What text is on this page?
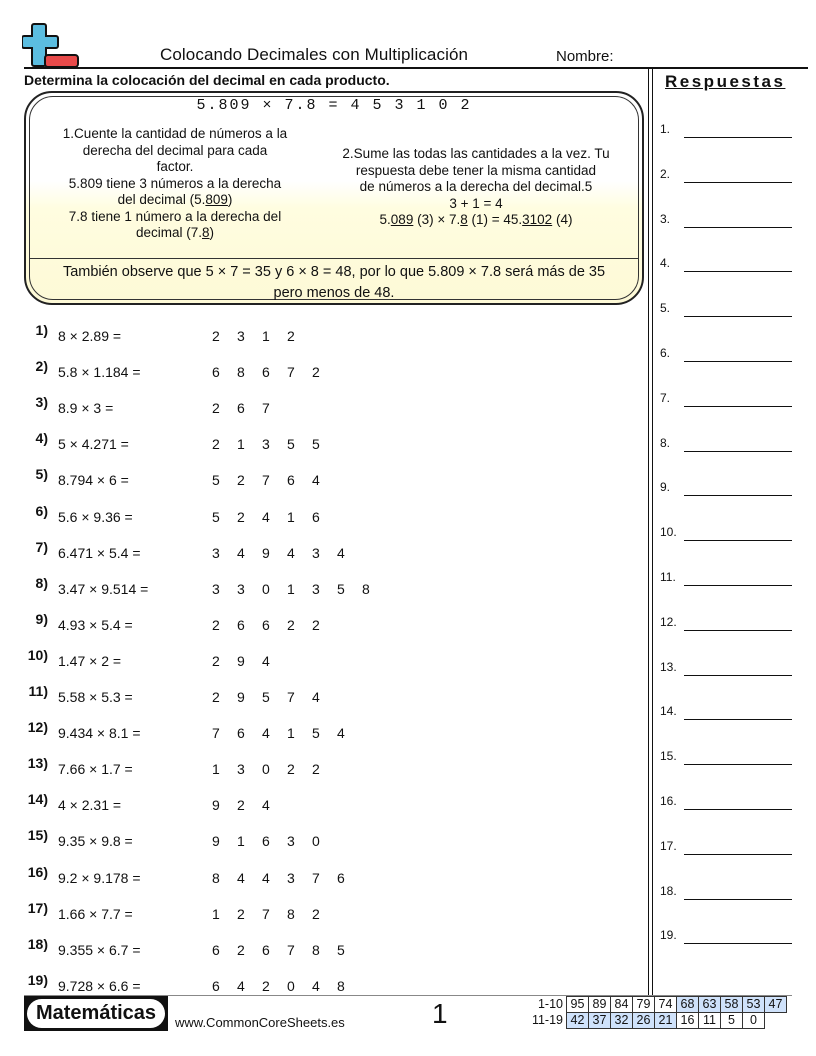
Colocando Decimales con Multiplicación	Nombre:
Determina la colocación del decimal en cada producto.	Respuestas
1.
2.
3.
4.
5.
6.
7.
8.
9.
10.
11.
12.
13.
14.
15.
16.
17.
18.
19.
5.809 × 7.8 = 4 5 3 1 0 2
1.Cuente la cantidad de números a la
derecha del decimal para cada
factor.
5.809 tiene 3 números a la derecha
del decimal (5.809)
7.8 tiene 1 número a la derecha del
decimal (7.8)
2.Sume las todas las cantidades a la vez. Tu
respuesta debe tener la misma cantidad
de números a la derecha del decimal.5
3 + 1 = 4
5.089 (3) × 7.8 (1) = 45.3102 (4)
También observe que 5 × 7 = 35 y 6 × 8 = 48, por lo que 5.809 × 7.8 será más de 35
pero menos de 48.
1) 8 × 2.89 =	2 3 1 2
2) 5.8 × 1.184 =	6 8 6 7 2
3) 8.9 × 3 =	2 6 7
4) 5 × 4.271 =	2 1 3 5 5
5) 8.794 × 6 =	5 2 7 6 4
6) 5.6 × 9.36 =	5 2 4 1 6
7) 6.471 × 5.4 =	3 4 9 4 3 4
8) 3.47 × 9.514 =	3 3 0 1 3 5 8
9) 4.93 × 5.4 =	2 6 6 2 2
10) 1.47 × 2 =	2 9 4
11) 5.58 × 5.3 =	2 9 5 7 4
12) 9.434 × 8.1 =	7 6 4 1 5 4
13) 7.66 × 1.7 =	1 3 0 2 2
14) 4 × 2.31 =	9 2 4
15) 9.35 × 9.8 =	9 1 6 3 0
16) 9.2 × 9.178 =	8 4 4 3 7 6
17) 1.66 × 7.7 =	1 2 7 8 2
18) 9.355 × 6.7 =	6 2 6 7 8 5
19) 9.728 × 6.6 =	6 4 2 0 4 8
Matemáticas	www.CommonCoreSheets.es	1	1-10	95	89	84	79	74	68	63	58	53	47
11-19	42	37	32	26	21	16	11	5	0	
